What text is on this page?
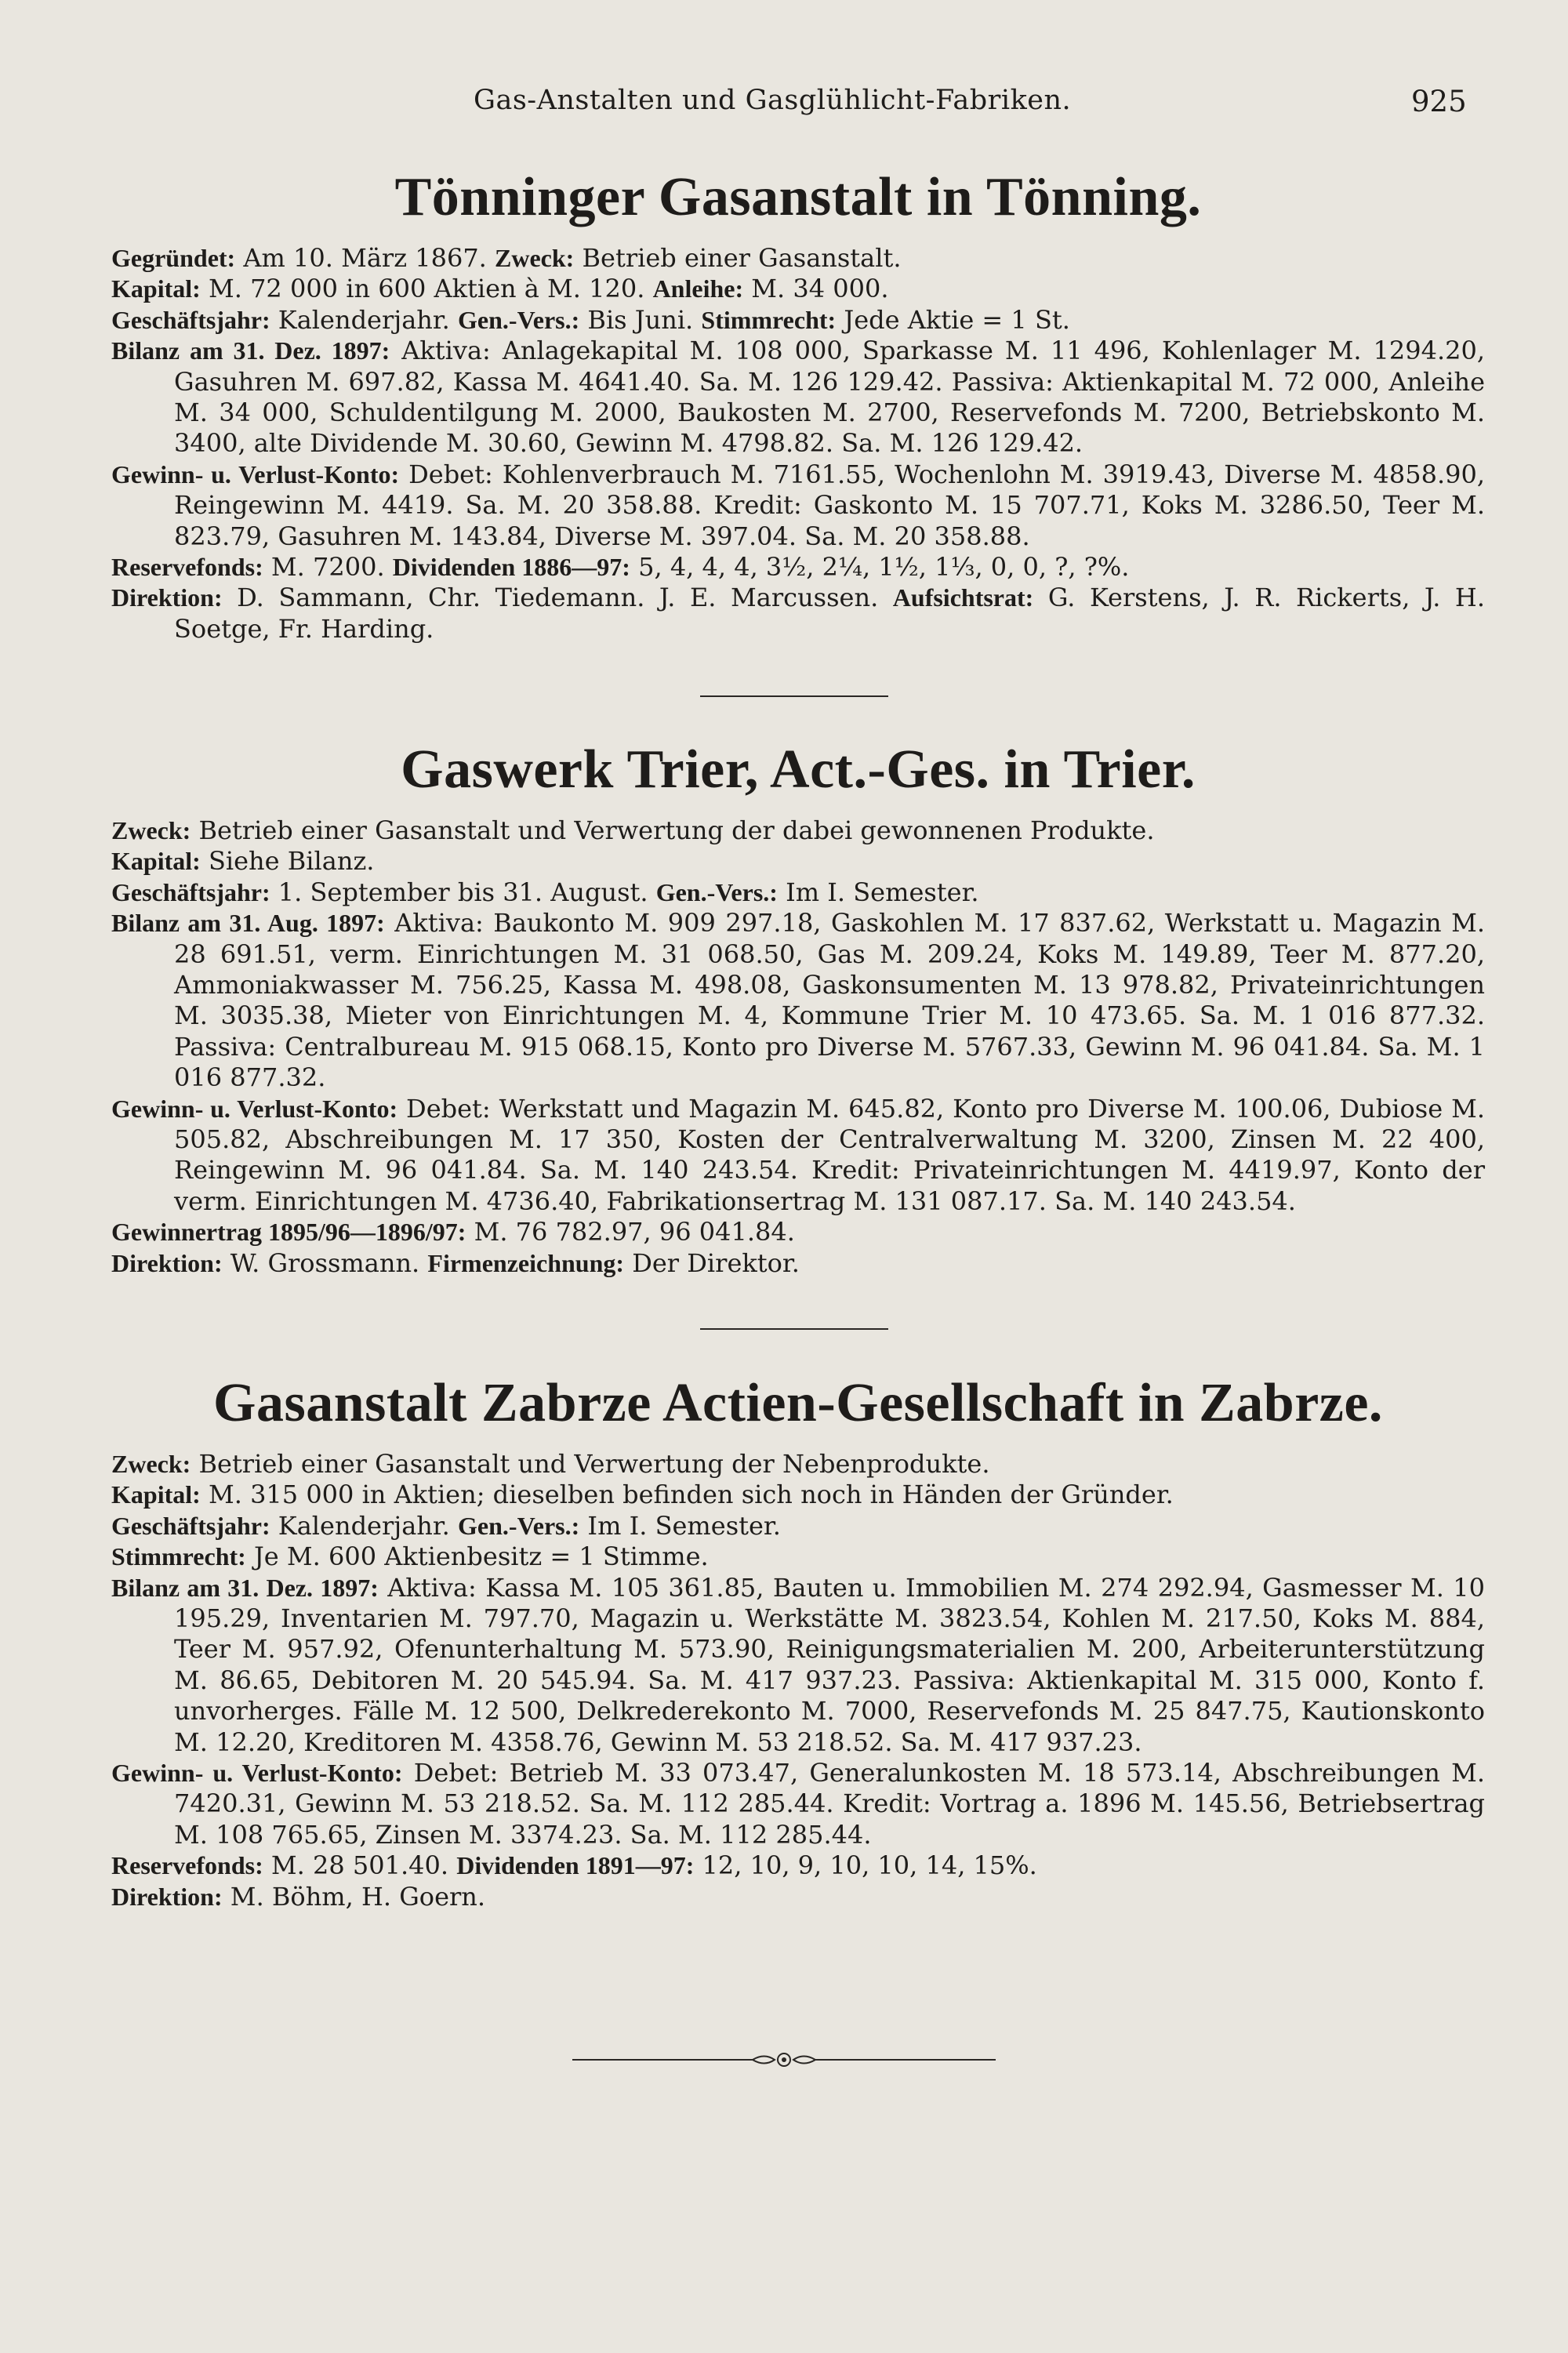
Gas-Anstalten und Gasglühlicht-Fabriken.	925
Tönninger Gasanstalt in Tönning.

Gegründet: Am 10. März 1867. Zweck: Betrieb einer Gasanstalt.

Kapital: M. 72 000 in 600 Aktien à M. 120. Anleihe: M. 34 000.

Geschäftsjahr: Kalenderjahr. Gen.-Vers.: Bis Juni. Stimmrecht: Jede Aktie = 1 St.

Bilanz am 31. Dez. 1897: Aktiva: Anlagekapital M. 108 000, Sparkasse M. 11 496, Kohlenlager M. 1294.20, Gasuhren M. 697.82, Kassa M. 4641.40. Sa. M. 126 129.42. Passiva: Aktienkapital M. 72 000, Anleihe M. 34 000, Schuldentilgung M. 2000, Baukosten M. 2700, Reservefonds M. 7200, Betriebskonto M. 3400, alte Dividende M. 30.60, Gewinn M. 4798.82. Sa. M. 126 129.42.

Gewinn- u. Verlust-Konto: Debet: Kohlenverbrauch M. 7161.55, Wochenlohn M. 3919.43, Diverse M. 4858.90, Reingewinn M. 4419. Sa. M. 20 358.88. Kredit: Gaskonto M. 15 707.71, Koks M. 3286.50, Teer M. 823.79, Gasuhren M. 143.84, Diverse M. 397.04. Sa. M. 20 358.88.

Reservefonds: M. 7200. Dividenden 1886—97: 5, 4, 4, 4, 3½, 2¼, 1½, 1⅓, 0, 0, ?, ?%.

Direktion: D. Sammann, Chr. Tiedemann. J. E. Marcussen. Aufsichtsrat: G. Kerstens, J. R. Rickerts, J. H. Soetge, Fr. Harding.

Gaswerk Trier, Act.-Ges. in Trier.

Zweck: Betrieb einer Gasanstalt und Verwertung der dabei gewonnenen Produkte.

Kapital: Siehe Bilanz.

Geschäftsjahr: 1. September bis 31. August. Gen.-Vers.: Im I. Semester.

Bilanz am 31. Aug. 1897: Aktiva: Baukonto M. 909 297.18, Gaskohlen M. 17 837.62, Werkstatt u. Magazin M. 28 691.51, verm. Einrichtungen M. 31 068.50, Gas M. 209.24, Koks M. 149.89, Teer M. 877.20, Ammoniakwasser M. 756.25, Kassa M. 498.08, Gaskonsumenten M. 13 978.82, Privateinrichtungen M. 3035.38, Mieter von Einrichtungen M. 4, Kommune Trier M. 10 473.65. Sa. M. 1 016 877.32. Passiva: Centralbureau M. 915 068.15, Konto pro Diverse M. 5767.33, Gewinn M. 96 041.84. Sa. M. 1 016 877.32.

Gewinn- u. Verlust-Konto: Debet: Werkstatt und Magazin M. 645.82, Konto pro Diverse M. 100.06, Dubiose M. 505.82, Abschreibungen M. 17 350, Kosten der Centralverwaltung M. 3200, Zinsen M. 22 400, Reingewinn M. 96 041.84. Sa. M. 140 243.54. Kredit: Privateinrichtungen M. 4419.97, Konto der verm. Einrichtungen M. 4736.40, Fabrikationsertrag M. 131 087.17. Sa. M. 140 243.54.

Gewinnertrag 1895/96—1896/97: M. 76 782.97, 96 041.84.

Direktion: W. Grossmann. Firmenzeichnung: Der Direktor.

Gasanstalt Zabrze Actien-Gesellschaft in Zabrze.

Zweck: Betrieb einer Gasanstalt und Verwertung der Nebenprodukte.

Kapital: M. 315 000 in Aktien; dieselben befinden sich noch in Händen der Gründer.

Geschäftsjahr: Kalenderjahr. Gen.-Vers.: Im I. Semester.

Stimmrecht: Je M. 600 Aktienbesitz = 1 Stimme.

Bilanz am 31. Dez. 1897: Aktiva: Kassa M. 105 361.85, Bauten u. Immobilien M. 274 292.94, Gasmesser M. 10 195.29, Inventarien M. 797.70, Magazin u. Werkstätte M. 3823.54, Kohlen M. 217.50, Koks M. 884, Teer M. 957.92, Ofenunterhaltung M. 573.90, Reinigungsmaterialien M. 200, Arbeiterunterstützung M. 86.65, Debitoren M. 20 545.94. Sa. M. 417 937.23. Passiva: Aktienkapital M. 315 000, Konto f. unvorherges. Fälle M. 12 500, Delkrederekonto M. 7000, Reservefonds M. 25 847.75, Kautionskonto M. 12.20, Kreditoren M. 4358.76, Gewinn M. 53 218.52. Sa. M. 417 937.23.

Gewinn- u. Verlust-Konto: Debet: Betrieb M. 33 073.47, Generalunkosten M. 18 573.14, Abschreibungen M. 7420.31, Gewinn M. 53 218.52. Sa. M. 112 285.44. Kredit: Vortrag a. 1896 M. 145.56, Betriebsertrag M. 108 765.65, Zinsen M. 3374.23. Sa. M. 112 285.44.

Reservefonds: M. 28 501.40. Dividenden 1891—97: 12, 10, 9, 10, 10, 14, 15%.

Direktion: M. Böhm, H. Goern.
